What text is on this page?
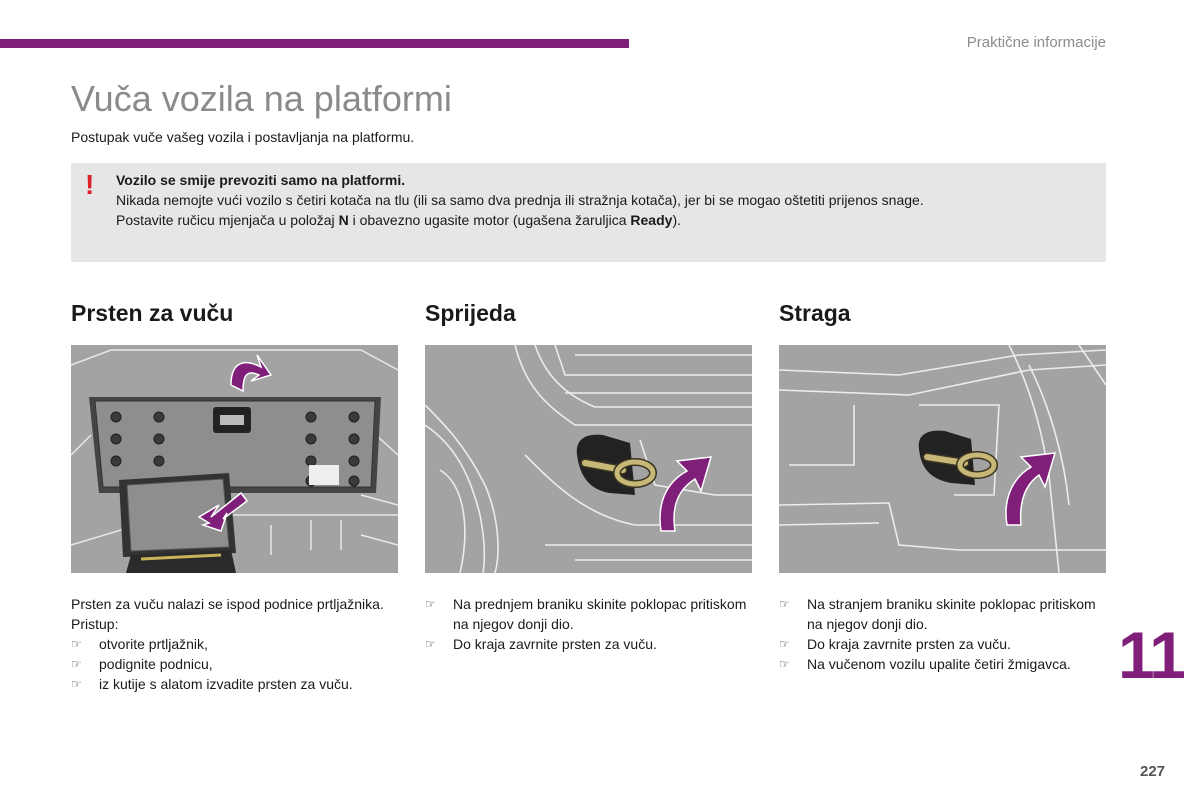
Praktične informacije
Vuča vozila na platformi
Postupak vuče vašeg vozila i postavljanja na platformu.
! Vozilo se smije prevoziti samo na platformi.
Nikada nemojte vući vozilo s četiri kotača na tlu (ili sa samo dva prednja ili stražnja kotača), jer bi se mogao oštetiti prijenos snage.
Postavite ručicu mjenjača u položaj N i obavezno ugasite motor (ugašena žaruljica Ready).
Prsten za vuču
Prsten za vuču nalazi se ispod podnice prtljažnika.
Pristup:
☞	otvorite prtljažnik,
☞	podignite podnicu,
☞	iz kutije s alatom izvadite prsten za vuču.
Sprijeda
☞	Na prednjem braniku skinite poklopac pritiskom na njegov donji dio.
☞	Do kraja zavrnite prsten za vuču.
Straga
☞	Na stranjem braniku skinite poklopac pritiskom na njegov donji dio.
☞	Do kraja zavrnite prsten za vuču.
☞	Na vučenom vozilu upalite četiri žmigavca. 11
227
